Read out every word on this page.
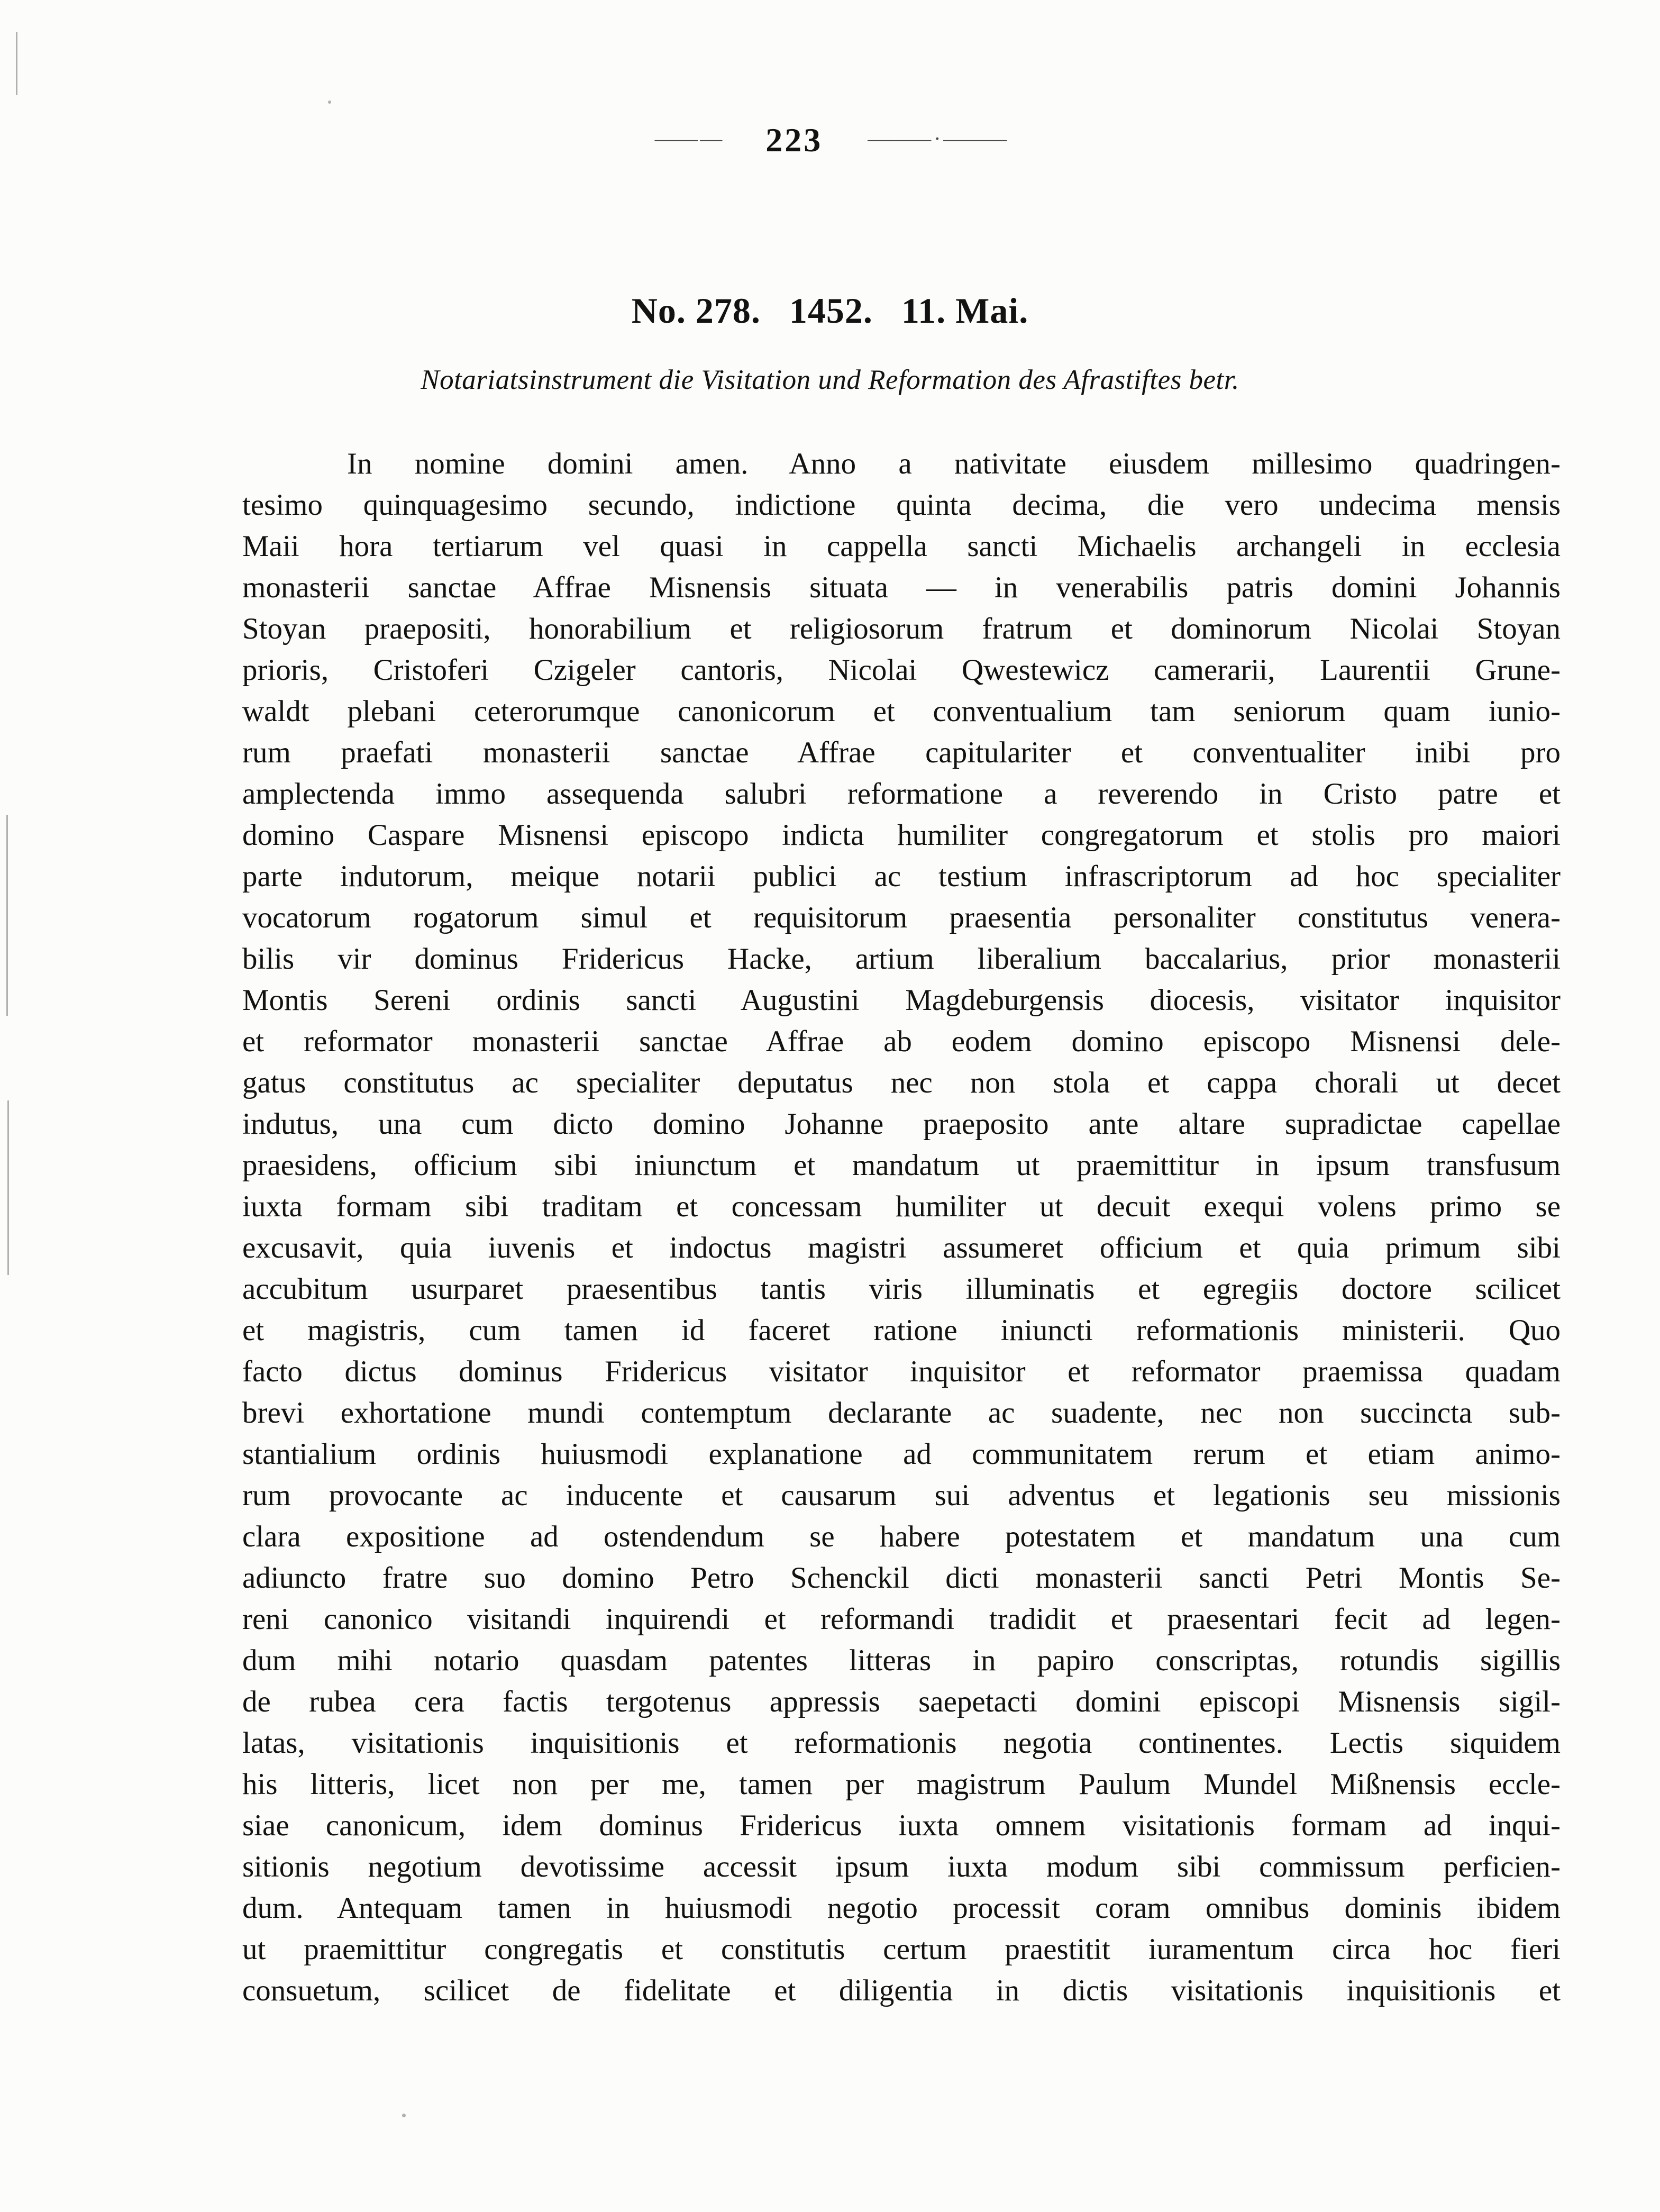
—— — 223 ——— · ———
No. 278.   1452.   11. Mai.
Notariatsinstrument die Visitation und Reformation des Afrastiftes betr.
In nomine domini amen. Anno a nativitate eiusdem millesimo quadringen-
tesimo quinquagesimo secundo, indictione quinta decima, die vero undecima mensis
Maii hora tertiarum vel quasi in cappella sancti Michaelis archangeli in ecclesia
monasterii sanctae Affrae Misnensis situata — in venerabilis patris domini Johannis
Stoyan praepositi, honorabilium et religiosorum fratrum et dominorum Nicolai Stoyan
prioris, Cristoferi Czigeler cantoris, Nicolai Qwestewicz camerarii, Laurentii Grune-
waldt plebani ceterorumque canonicorum et conventualium tam seniorum quam iunio-
rum praefati monasterii sanctae Affrae capitulariter et conventualiter inibi pro
amplectenda immo assequenda salubri reformatione a reverendo in Cristo patre et
domino Caspare Misnensi episcopo indicta humiliter congregatorum et stolis pro maiori
parte indutorum, meique notarii publici ac testium infrascriptorum ad hoc specialiter
vocatorum rogatorum simul et requisitorum praesentia personaliter constitutus venera-
bilis vir dominus Fridericus Hacke, artium liberalium baccalarius, prior monasterii
Montis Sereni ordinis sancti Augustini Magdeburgensis diocesis, visitator inquisitor
et reformator monasterii sanctae Affrae ab eodem domino episcopo Misnensi dele-
gatus constitutus ac specialiter deputatus nec non stola et cappa chorali ut decet
indutus, una cum dicto domino Johanne praeposito ante altare supradictae capellae
praesidens, officium sibi iniunctum et mandatum ut praemittitur in ipsum transfusum
iuxta formam sibi traditam et concessam humiliter ut decuit exequi volens primo se
excusavit, quia iuvenis et indoctus magistri assumeret officium et quia primum sibi
accubitum usurparet praesentibus tantis viris illuminatis et egregiis doctore scilicet
et magistris, cum tamen id faceret ratione iniuncti reformationis ministerii. Quo
facto dictus dominus Fridericus visitator inquisitor et reformator praemissa quadam
brevi exhortatione mundi contemptum declarante ac suadente, nec non succincta sub-
stantialium ordinis huiusmodi explanatione ad communitatem rerum et etiam animo-
rum provocante ac inducente et causarum sui adventus et legationis seu missionis
clara expositione ad ostendendum se habere potestatem et mandatum una cum
adiuncto fratre suo domino Petro Schenckil dicti monasterii sancti Petri Montis Se-
reni canonico visitandi inquirendi et reformandi tradidit et praesentari fecit ad legen-
dum mihi notario quasdam patentes litteras in papiro conscriptas, rotundis sigillis
de rubea cera factis tergotenus appressis saepetacti domini episcopi Misnensis sigil-
latas, visitationis inquisitionis et reformationis negotia continentes. Lectis siquidem
his litteris, licet non per me, tamen per magistrum Paulum Mundel Mißnensis eccle-
siae canonicum, idem dominus Fridericus iuxta omnem visitationis formam ad inqui-
sitionis negotium devotissime accessit ipsum iuxta modum sibi commissum perficien-
dum. Antequam tamen in huiusmodi negotio processit coram omnibus dominis ibidem
ut praemittitur congregatis et constitutis certum praestitit iuramentum circa hoc fieri
consuetum, scilicet de fidelitate et diligentia in dictis visitationis inquisitionis et
